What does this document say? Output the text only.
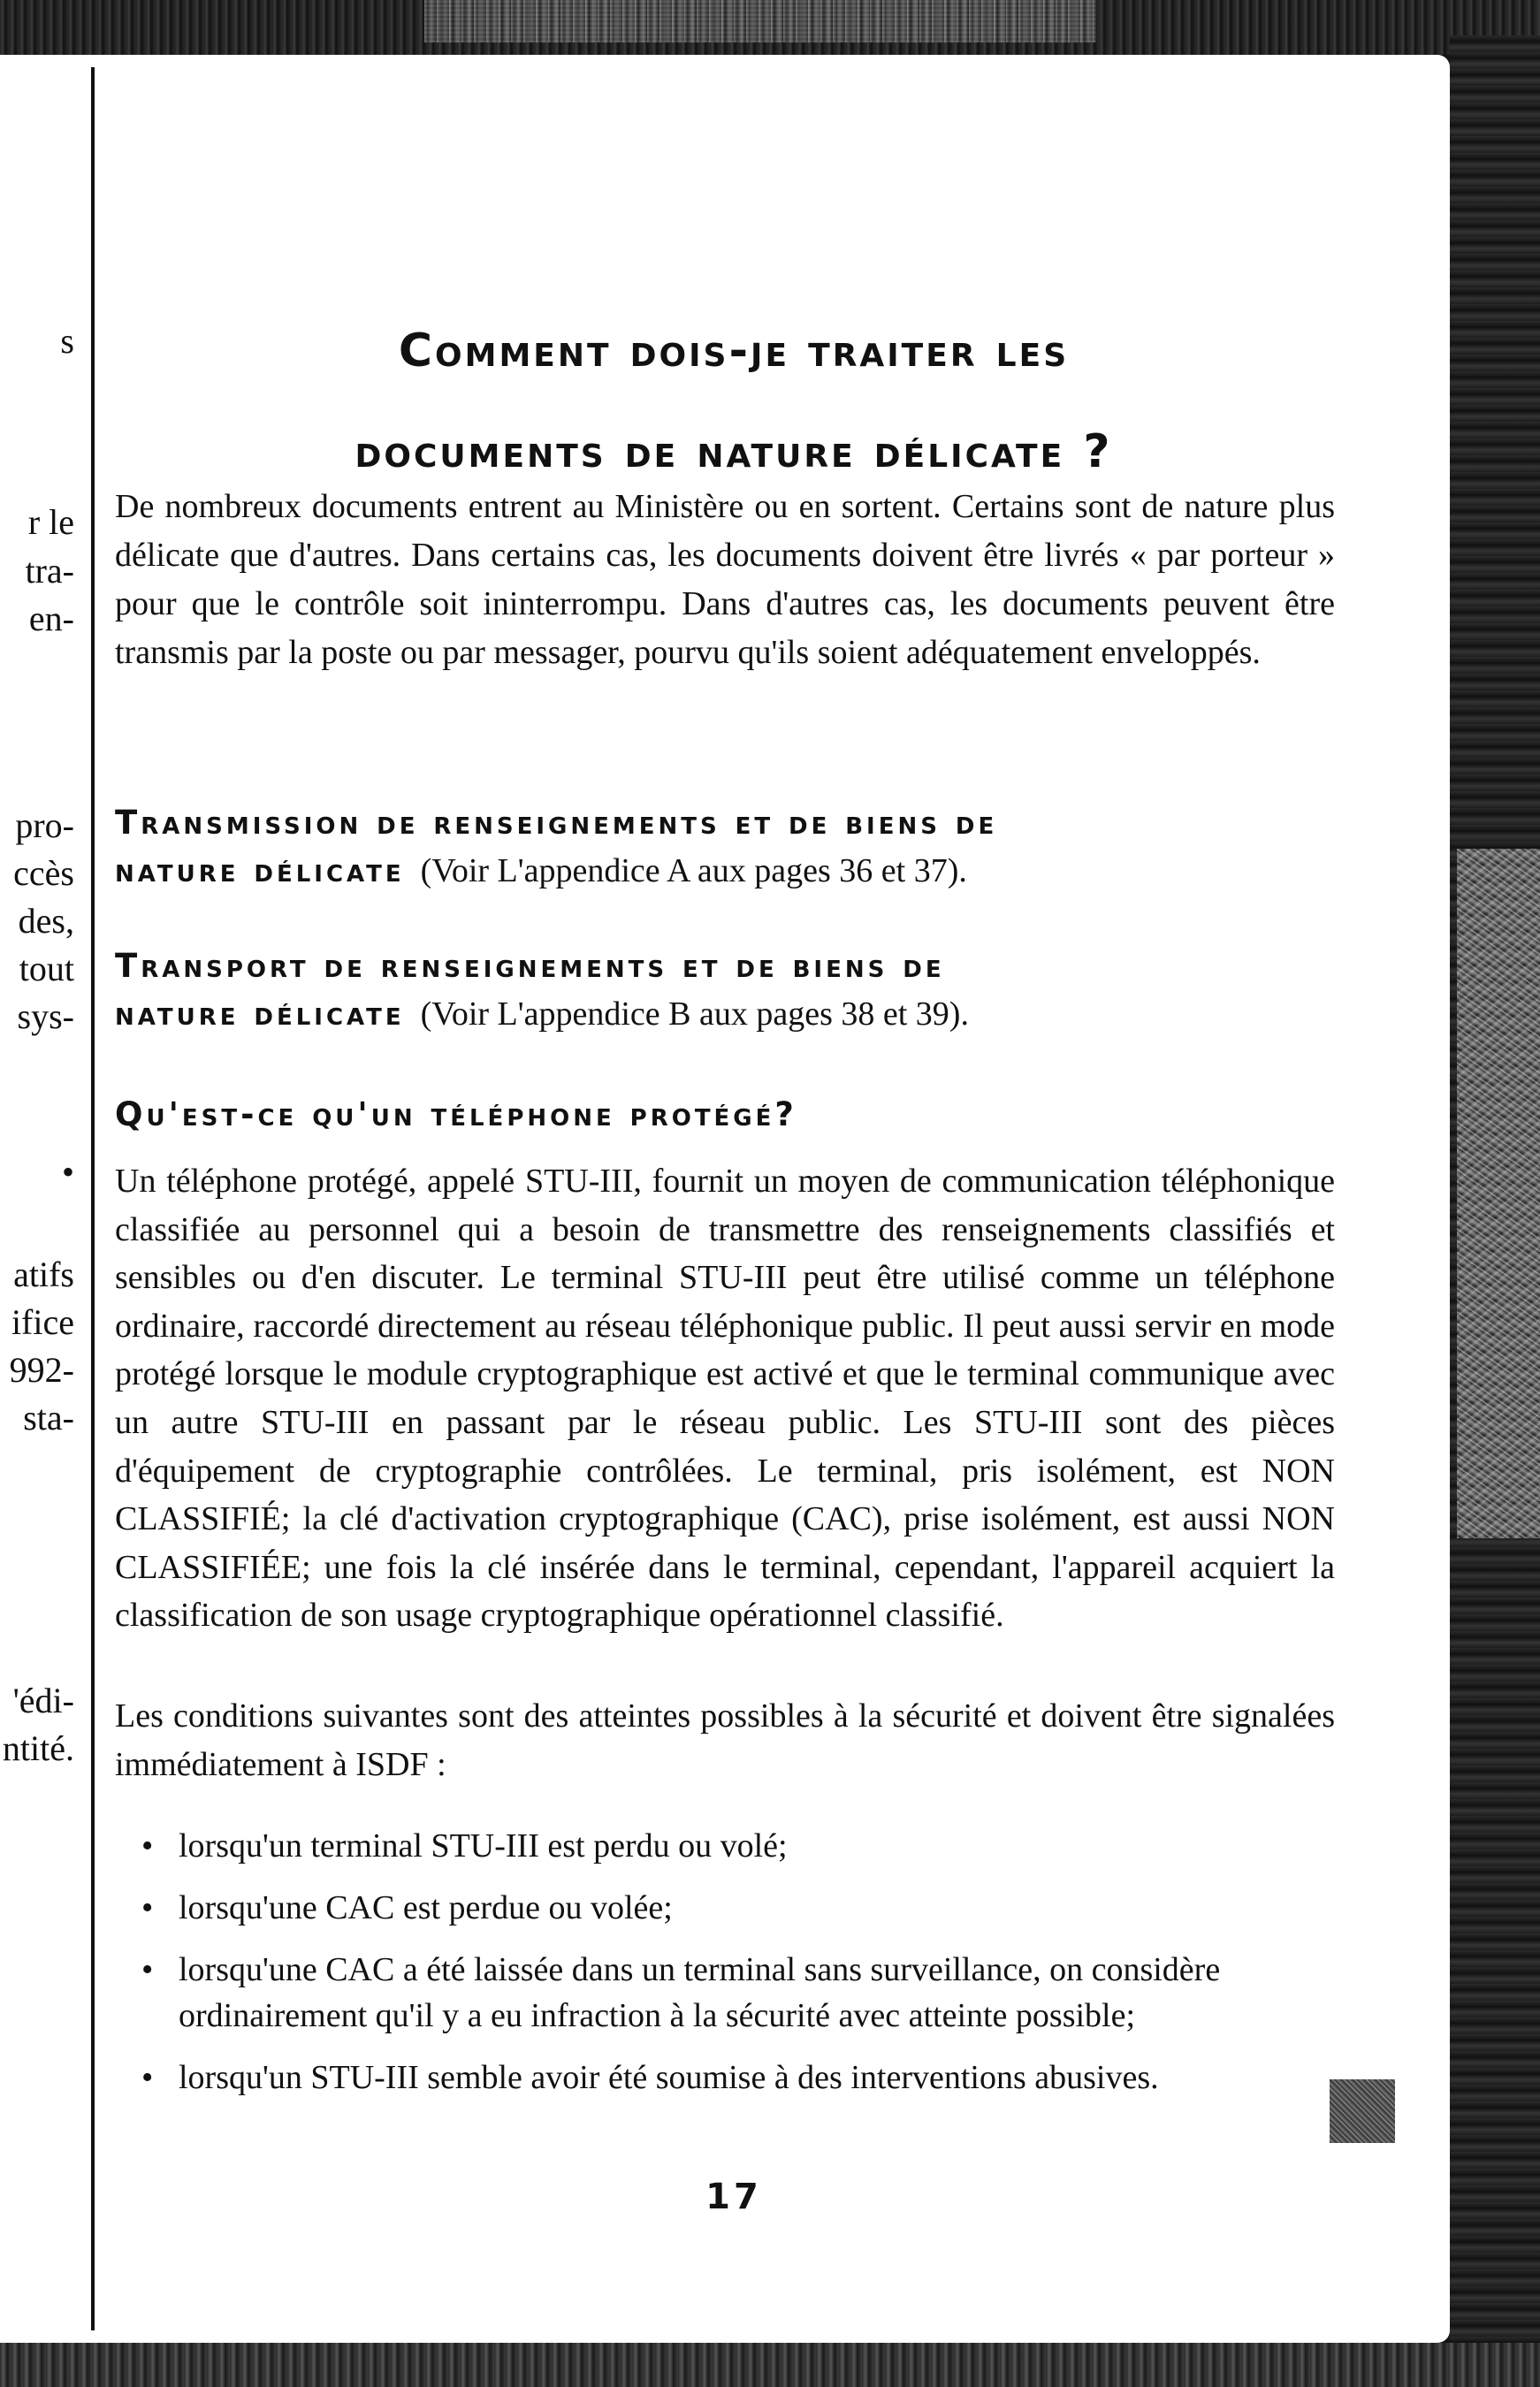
s
r le
tra-
en-
pro-
ccès
des,
tout
sys-
•
atifs
ifice
992-
sta-
'édi-
ntité.
Comment dois-je traiter les
documents de nature délicate ?

De nombreux documents entrent au Ministère ou en sortent. Certains sont de nature plus délicate que d'autres. Dans certains cas, les documents doivent être livrés « par porteur » pour que le contrôle soit ininterrompu. Dans d'autres cas, les documents peuvent être transmis par la poste ou par messager, pourvu qu'ils soient adéquatement enveloppés.

Transmission de renseignements et de biens de
nature délicate (Voir L'appendice A aux pages 36 et 37).
Transport de renseignements et de biens de
nature délicate (Voir L'appendice B aux pages 38 et 39).
Qu'est-ce qu'un téléphone protégé?

Un téléphone protégé, appelé STU-III, fournit un moyen de communication téléphonique classifiée au personnel qui a besoin de transmettre des renseignements classifiés et sensibles ou d'en discuter. Le terminal STU-III peut être utilisé comme un téléphone ordinaire, raccordé directement au réseau téléphonique public. Il peut aussi servir en mode protégé lorsque le module cryptographique est activé et que le terminal communique avec un autre STU-III en passant par le réseau public. Les STU-III sont des pièces d'équipement de cryptographie contrôlées. Le terminal, pris isolément, est NON CLASSIFIÉ; la clé d'activation cryptographique (CAC), prise isolément, est aussi NON CLASSIFIÉE; une fois la clé insérée dans le terminal, cependant, l'appareil acquiert la classification de son usage cryptographique opérationnel classifié.

Les conditions suivantes sont des atteintes possibles à la sécurité et doivent être signalées immédiatement à ISDF :

• lorsqu'un terminal STU-III est perdu ou volé;
• lorsqu'une CAC est perdue ou volée;
• lorsqu'une CAC a été laissée dans un terminal sans surveillance, on considère ordinairement qu'il y a eu infraction à la sécurité avec atteinte possible;
• lorsqu'un STU-III semble avoir été soumise à des interventions abusives.

17
